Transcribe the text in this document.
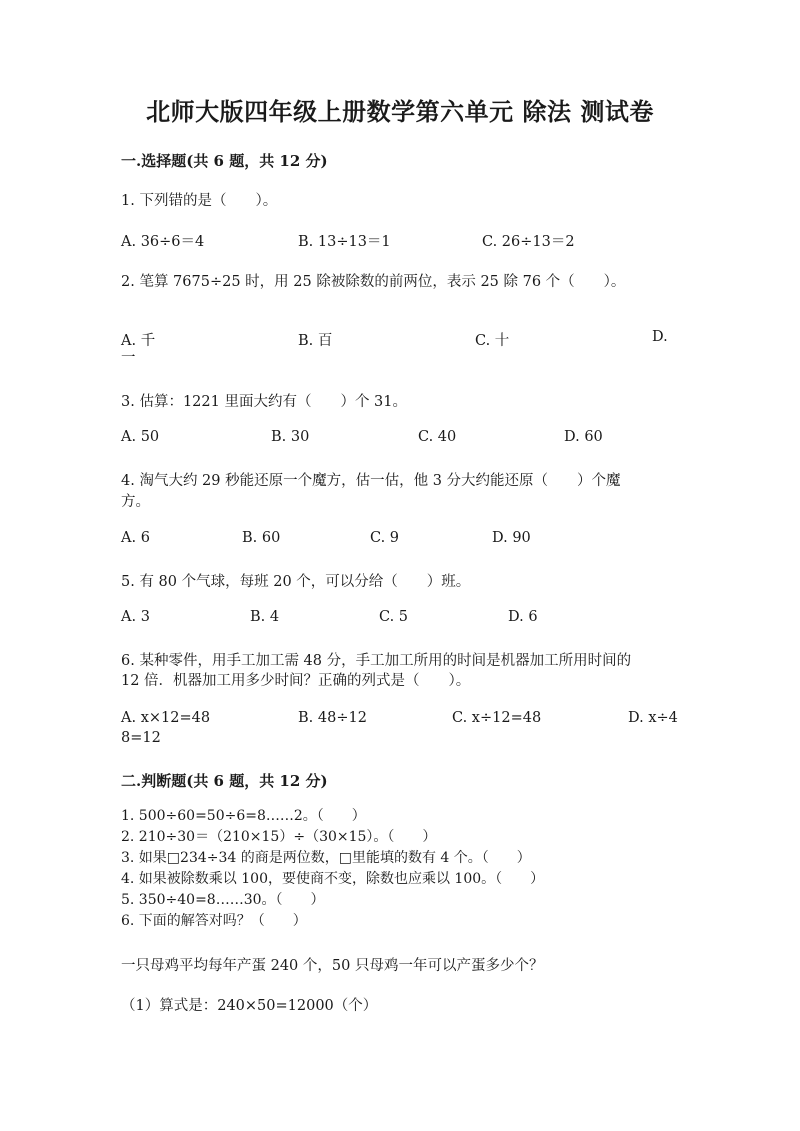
北师大版四年级上册数学第六单元 除法 测试卷
一.选择题(共 6 题，共 12 分)
1. 下列错的是（　　）。
A. 36÷6＝4	B. 13÷13＝1	C. 26÷13＝2
2. 笔算 7675÷25 时，用 25 除被除数的前两位，表示 25 除 76 个（　　）。
A. 千	B. 百	C. 十	D.
一
3. 估算：1221 里面大约有（　　）个 31。
A. 50	B. 30	C. 40	D. 60
4. 淘气大约 29 秒能还原一个魔方，估一估，他 3 分大约能还原（　　）个魔
方。
A. 6	B. 60	C. 9	D. 90
5. 有 80 个气球，每班 20 个，可以分给（　　）班。
A. 3	B. 4	C. 5	D. 6
6. 某种零件，用手工加工需 48 分，手工加工所用的时间是机器加工所用时间的
12 倍．机器加工用多少时间？正确的列式是（　　）。
A. x×12=48	B. 48÷12	C. x÷12=48	D. x÷4
8=12
二.判断题(共 6 题，共 12 分)
1. 500÷60=50÷6=8……2。（　　）
2. 210÷30＝（210×15）÷（30×15）。（　　）
3. 如果□234÷34 的商是两位数，□里能填的数有 4 个。（　　）
4. 如果被除数乘以 100，要使商不变，除数也应乘以 100。（　　）
5. 350÷40=8……30。（　　）
6. 下面的解答对吗？（　　）
一只母鸡平均每年产蛋 240 个，50 只母鸡一年可以产蛋多少个？
（1）算式是：240×50=12000（个）
